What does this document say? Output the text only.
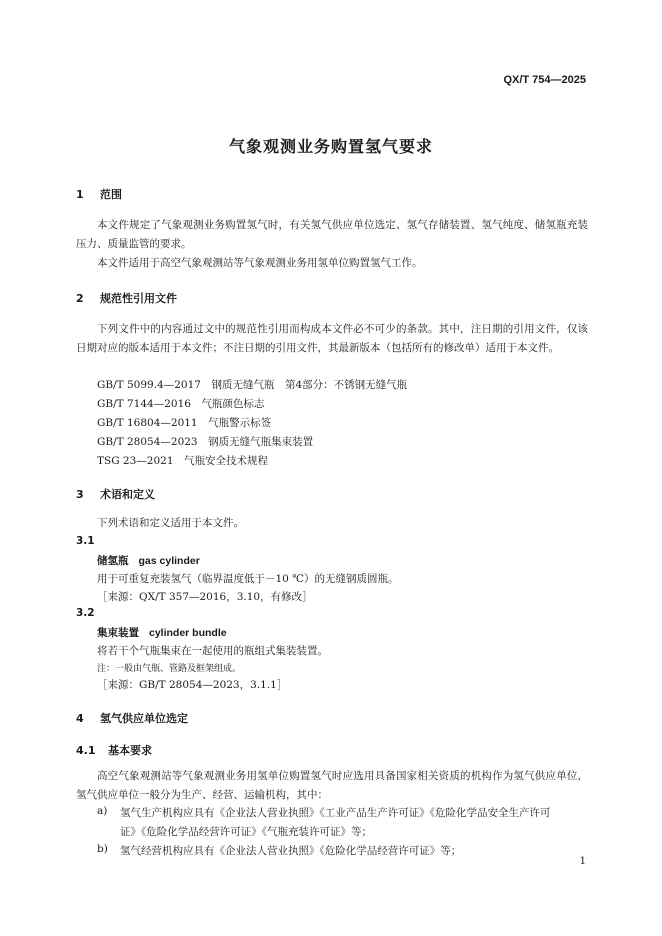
QX/T 754—2025
气象观测业务购置氢气要求
1 范围
本文件规定了气象观测业务购置氢气时，有关氢气供应单位选定、氢气存储装置、氢气纯度、储氢瓶充装压力、质量监管的要求。
本文件适用于高空气象观测站等气象观测业务用氢单位购置氢气工作。
2 规范性引用文件
下列文件中的内容通过文中的规范性引用而构成本文件必不可少的条款。其中，注日期的引用文件，仅该日期对应的版本适用于本文件；不注日期的引用文件，其最新版本（包括所有的修改单）适用于本文件。
GB/T 5099.4—2017　钢质无缝气瓶　第4部分：不锈钢无缝气瓶
GB/T 7144—2016　气瓶颜色标志
GB/T 16804—2011　气瓶警示标签
GB/T 28054—2023　钢质无缝气瓶集束装置
TSG 23—2021　气瓶安全技术规程
3 术语和定义
下列术语和定义适用于本文件。
3.1
储氢瓶 gas cylinder
用于可重复充装氢气（临界温度低于－10 ℃）的无缝钢质圆瓶。
［来源：QX/T 357—2016，3.10，有修改］
3.2
集束装置 cylinder bundle
将若干个气瓶集束在一起使用的瓶组式集装装置。
注：一般由气瓶、管路及框架组成。
［来源：GB/T 28054—2023，3.1.1］
4 氢气供应单位选定
4.1 基本要求
高空气象观测站等气象观测业务用氢单位购置氢气时应选用具备国家相关资质的机构作为氢气供应单位，氢气供应单位一般分为生产、经营、运输机构，其中：
a) 氢气生产机构应具有《企业法人营业执照》《工业产品生产许可证》《危险化学品安全生产许可
证》《危险化学品经营许可证》《气瓶充装许可证》等；
b) 氢气经营机构应具有《企业法人营业执照》《危险化学品经营许可证》等；
1
